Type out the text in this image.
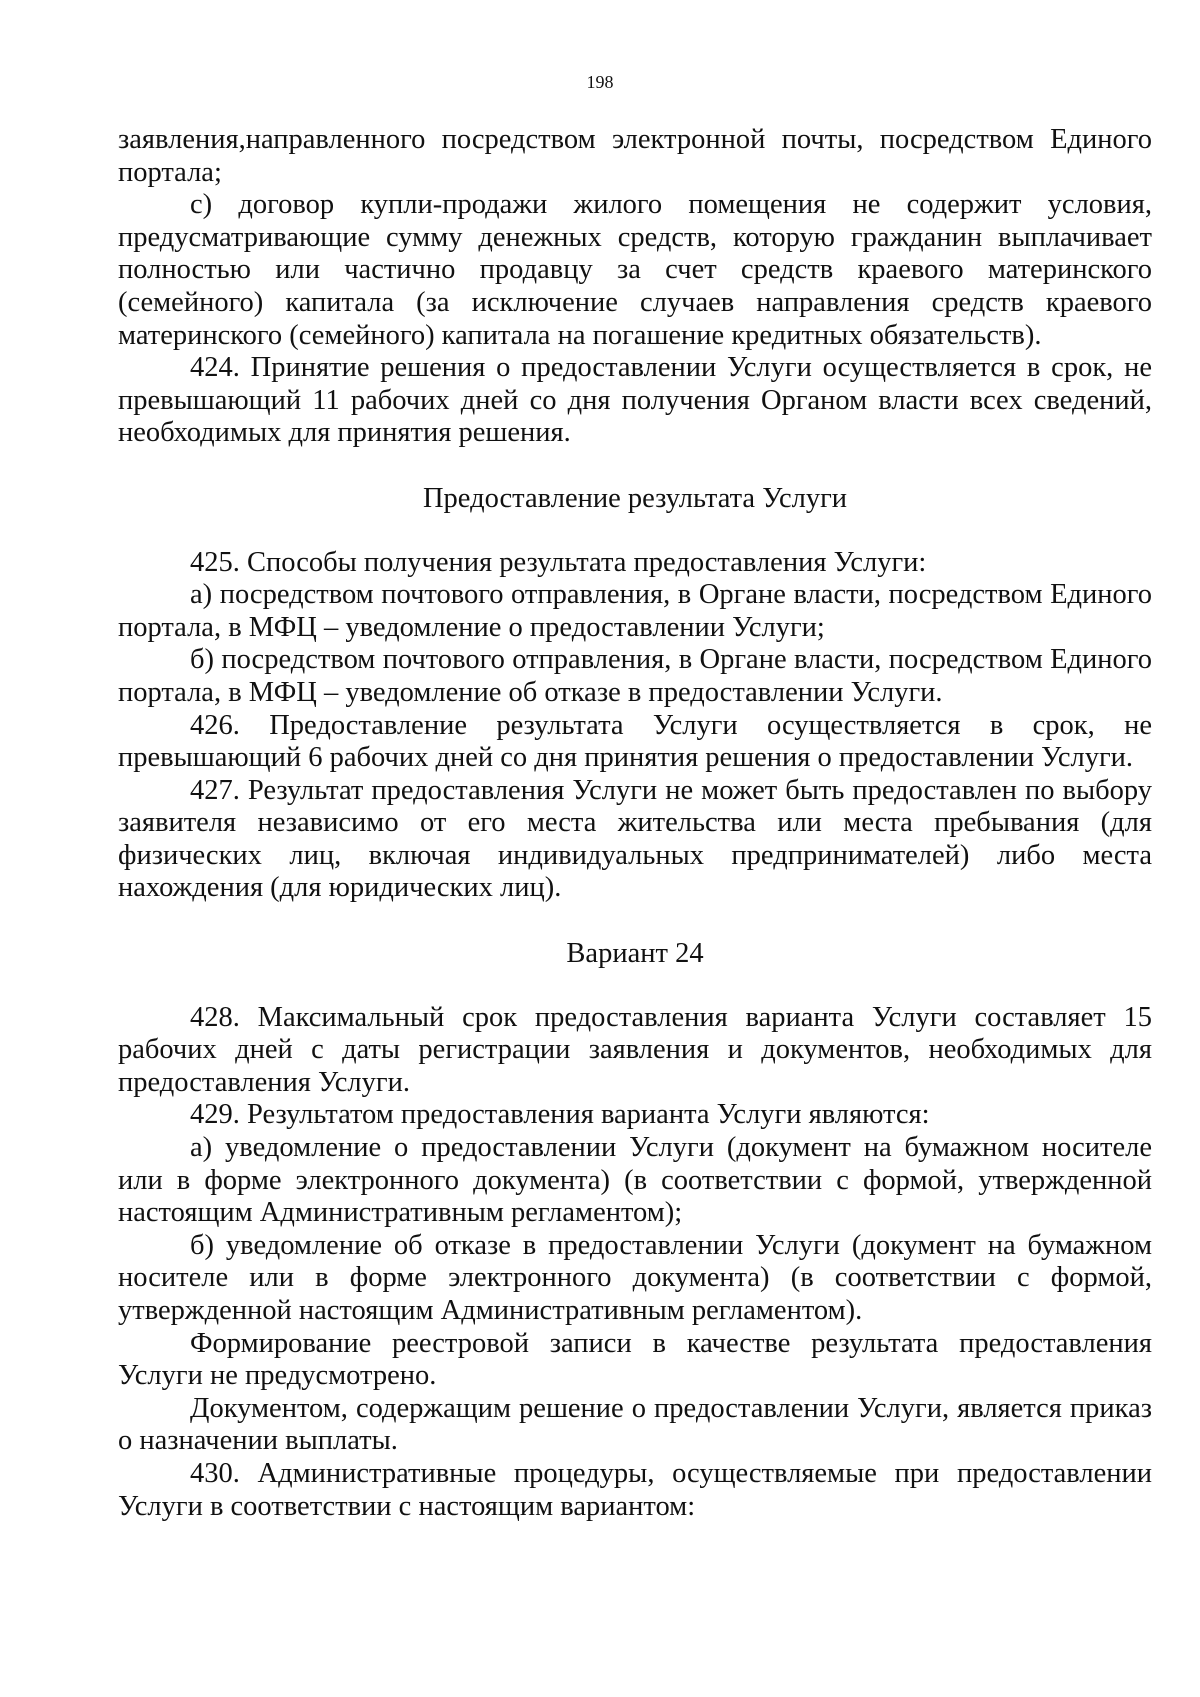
198

заявления,направленного посредством электронной почты, посредством Единого портала;

с) договор купли-продажи жилого помещения не содержит условия, предусматривающие сумму денежных средств, которую гражданин выплачивает полностью или частично продавцу за счет средств краевого материнского (семейного) капитала (за исключение случаев направления средств краевого материнского (семейного) капитала на погашение кредитных обязательств).

424. Принятие решения о предоставлении Услуги осуществляется в срок, не превышающий 11 рабочих дней со дня получения Органом власти всех сведений, необходимых для принятия решения.

Предоставление результата Услуги

425. Способы получения результата предоставления Услуги:

а) посредством почтового отправления, в Органе власти, посредством Единого портала, в МФЦ – уведомление о предоставлении Услуги;

б) посредством почтового отправления, в Органе власти, посредством Единого портала, в МФЦ – уведомление об отказе в предоставлении Услуги.

426. Предоставление результата Услуги осуществляется в срок, не превышающий 6 рабочих дней со дня принятия решения о предоставлении Услуги.

427. Результат предоставления Услуги не может быть предоставлен по выбору заявителя независимо от его места жительства или места пребывания (для физических лиц, включая индивидуальных предпринимателей) либо места нахождения (для юридических лиц).

Вариант 24

428. Максимальный срок предоставления варианта Услуги составляет 15 рабочих дней с даты регистрации заявления и документов, необходимых для предоставления Услуги.

429. Результатом предоставления варианта Услуги являются:

а) уведомление о предоставлении Услуги (документ на бумажном носителе или в форме электронного документа) (в соответствии с формой, утвержденной настоящим Административным регламентом);

б) уведомление об отказе в предоставлении Услуги (документ на бумажном носителе или в форме электронного документа) (в соответствии с формой, утвержденной настоящим Административным регламентом).

Формирование реестровой записи в качестве результата предоставления Услуги не предусмотрено.

Документом, содержащим решение о предоставлении Услуги, является приказ о назначении выплаты.

430. Административные процедуры, осуществляемые при предоставлении Услуги в соответствии с настоящим вариантом:
